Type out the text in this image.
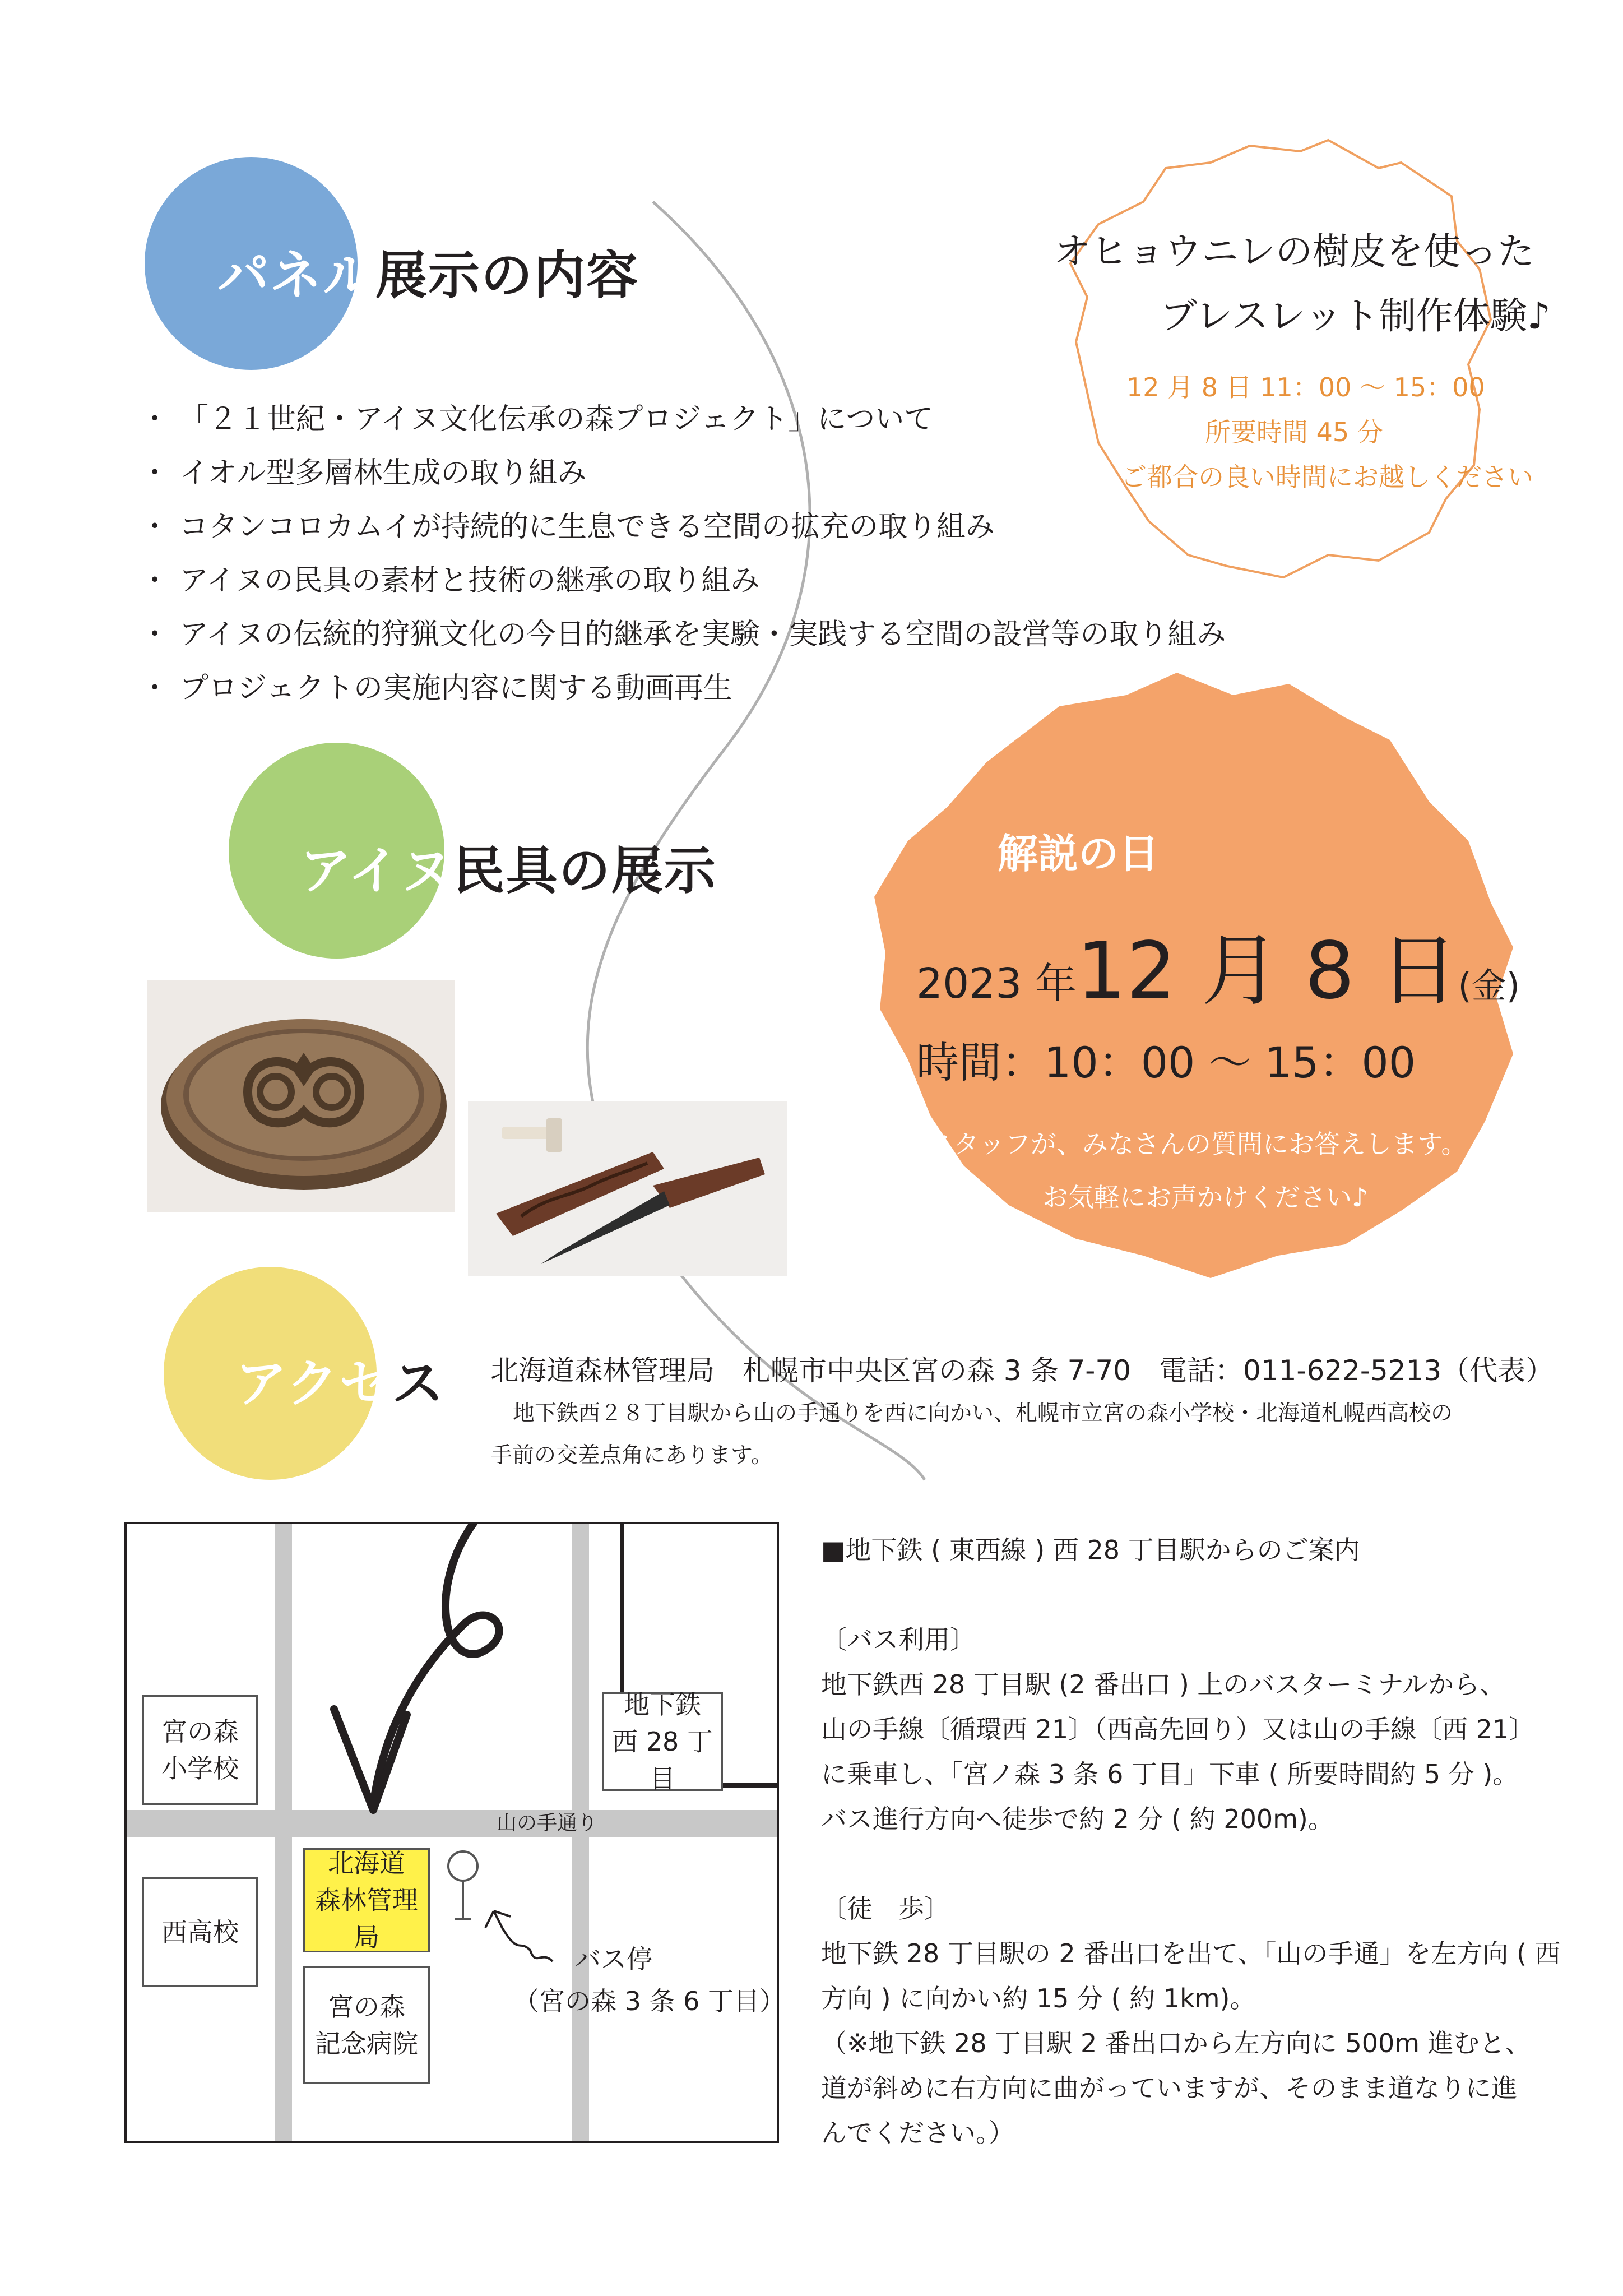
パネル展示の内容
・ 「２１世紀・アイヌ文化伝承の森プロジェクト」について
・ イオル型多層林生成の取り組み
・ コタンコロカムイが持続的に生息できる空間の拡充の取り組み
・ アイヌの民具の素材と技術の継承の取り組み
・ アイヌの伝統的狩猟文化の今日的継承を実験・実践する空間の設営等の取り組み
・ プロジェクトの実施内容に関する動画再生
オヒョウニレの樹皮を使った
ブレスレット制作体験♪
12 月 8 日 11：00 ～ 15：00
所要時間 45 分
ご都合の良い時間にお越しください
アイヌ民具の展示	解説の日
2023 年12 月 8 日(金)
時間：10：00 ～ 15：00
スタッフが、みなさんの質問にお答えします。
お気軽にお声かけください♪
アクセス 北海道森林管理局　札幌市中央区宮の森 3 条 7-70　電話：011-622-5213（代表）
地下鉄西２８丁目駅から山の手通りを西に向かい、札幌市立宮の森小学校・北海道札幌西高校の
手前の交差点角にあります。
山の手通り
宮の森
小学校
地下鉄
西 28 丁目
西高校
北海道
森林管理局
宮の森
記念病院
バス停
（宮の森 3 条 6 丁目）
■地下鉄 ( 東西線 ) 西 28 丁目駅からのご案内
〔バス利用〕
地下鉄西 28 丁目駅 (2 番出口 ) 上のバスターミナルから、
山の手線〔循環西 21〕（西高先回り）又は山の手線〔西 21〕
に乗車し、「宮ノ森 3 条 6 丁目」下車 ( 所要時間約 5 分 )。
バス進行方向へ徒歩で約 2 分 ( 約 200m)。
〔徒　歩〕
地下鉄 28 丁目駅の 2 番出口を出て、「山の手通」を左方向 ( 西
方向 ) に向かい約 15 分 ( 約 1km)。
（※地下鉄 28 丁目駅 2 番出口から左方向に 500m 進むと、
道が斜めに右方向に曲がっていますが、そのまま道なりに進
んでください。）
